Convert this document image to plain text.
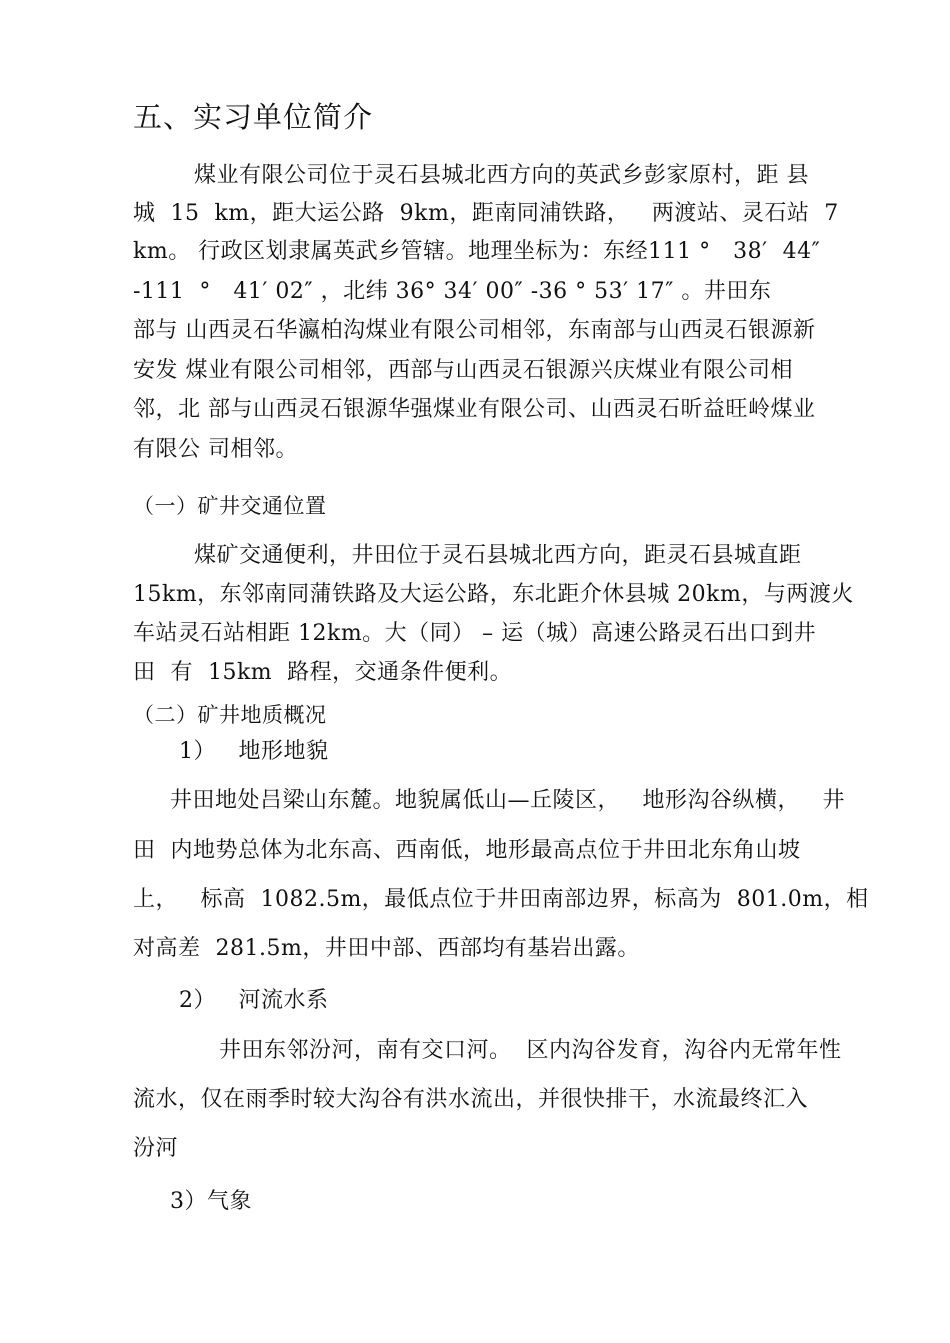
五、实习单位简介
煤业有限公司位于灵石县城北西方向的英武乡彭家原村，距 县
城  15  km，距大运公路  9km，距南同浦铁路，   两渡站、灵石站  7
km。 行政区划隶属英武乡管辖。地理坐标为：东经111 °   38′  44″
-111  °   41′ 02″ ，北纬 36° 34′ 00″ -36 ° 53′ 17″ 。井田东
部与 山西灵石华瀛柏沟煤业有限公司相邻，东南部与山西灵石银源新
安发 煤业有限公司相邻，西部与山西灵石银源兴庆煤业有限公司相
邻，北 部与山西灵石银源华强煤业有限公司、山西灵石昕益旺岭煤业
有限公 司相邻。
（一）矿井交通位置
煤矿交通便利，井田位于灵石县城北西方向，距灵石县城直距
15km，东邻南同蒲铁路及大运公路，东北距介休县城 20km，与两渡火
车站灵石站相距 12km。大（同） – 运（城）高速公路灵石出口到井
田  有  15km  路程，交通条件便利。
（二）矿井地质概况
1）   地形地貌
井田地处吕梁山东麓。地貌属低山—丘陵区，   地形沟谷纵横，   井
田  内地势总体为北东高、西南低，地形最高点位于井田北东角山坡
上，   标高  1082.5m，最低点位于井田南部边界，标高为  801.0m，相
对高差  281.5m，井田中部、西部均有基岩出露。
2）   河流水系
井田东邻汾河，南有交口河。  区内沟谷发育，沟谷内无常年性
流水，仅在雨季时较大沟谷有洪水流出，并很快排干，水流最终汇入
汾河
3）气象
